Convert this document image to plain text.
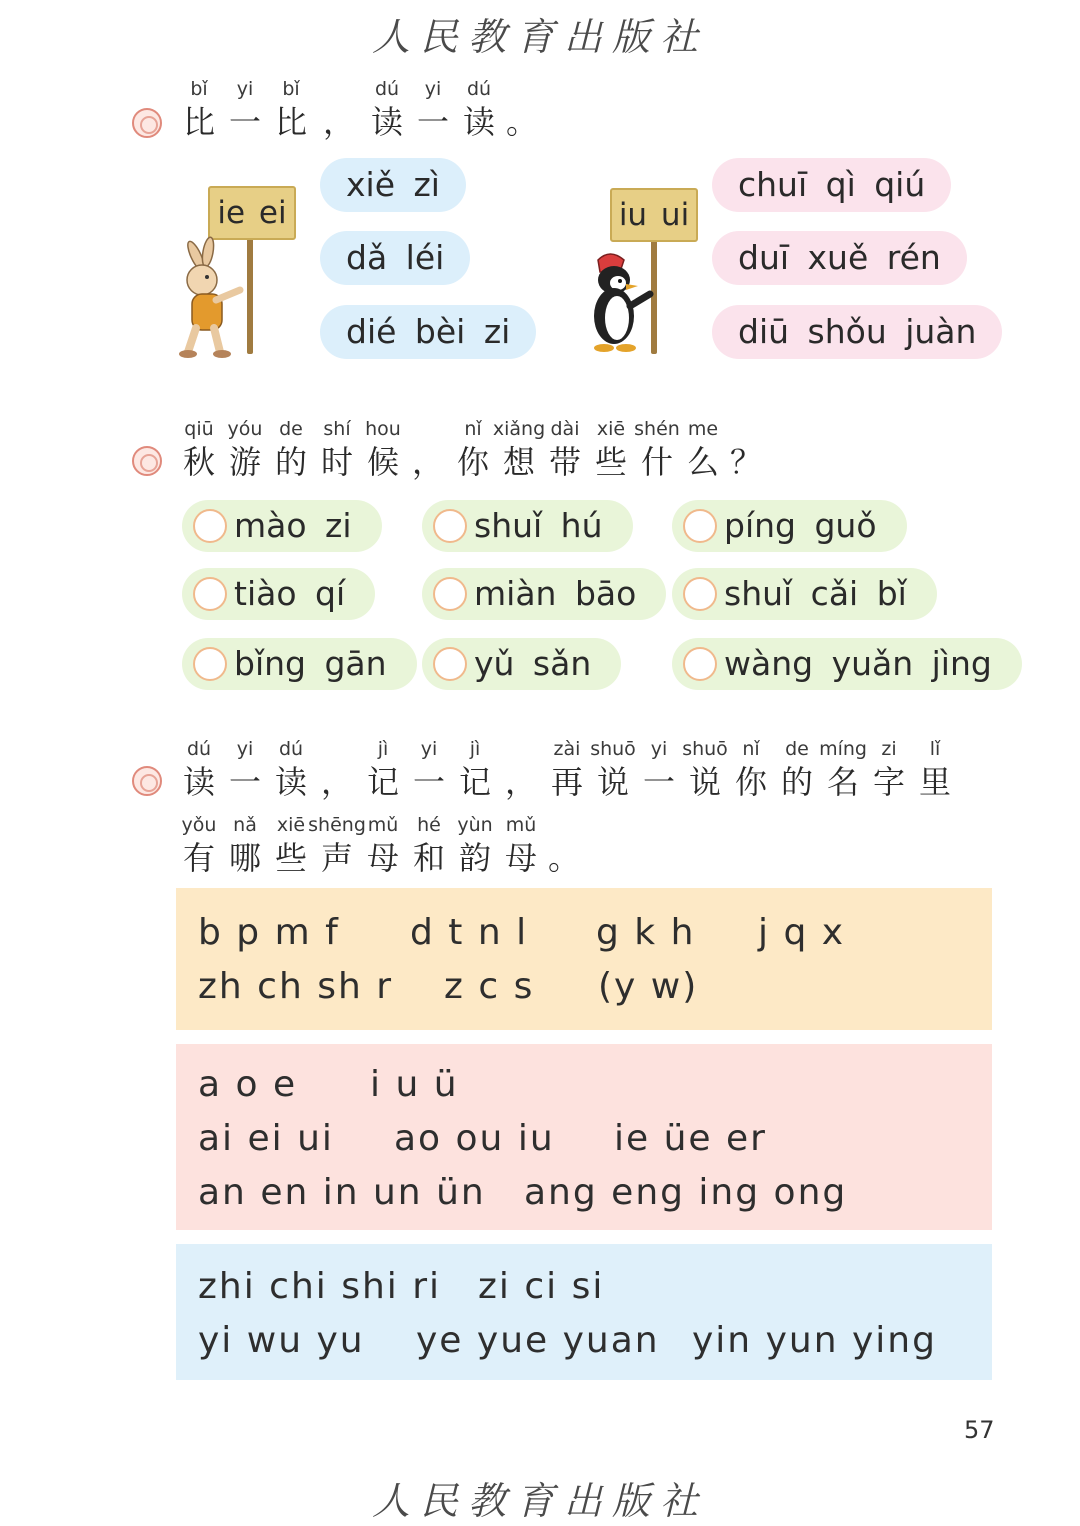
人民教育出版社
bǐ
比
yi
一
bǐ
比 ，
dú
读
yi
一
dú
读 。
ie ei
xiě zì
dǎ léi
dié bèi zi
iu ui
chuī qì qiú
duī xuě rén
diū shǒu juàn
qiū
秋
yóu
游
de
的
shí
时
hou
候 ，
nǐ
你
xiǎng
想
dài
带
xiē
些
shén
什
me
么 ？
mào zi	shuǐ hú	píng guǒ
tiào qí	miàn bāo	shuǐ cǎi bǐ
bǐng gān	yǔ sǎn	wàng yuǎn jìng
dú
读
yi
一
dú
读 ，
jì
记
yi
一
jì
记 ，
zài
再
shuō
说
yi
一
shuō
说
nǐ
你
de
的
míng
名
zi
字
lǐ
里
yǒu
有
nǎ
哪
xiē
些
shēng
声
mǔ
母
hé
和
yùn
韵
mǔ
母 。
b p m f d t n l g k h j q x
zh ch sh r z c s (y w)
a o e i u ü
ai ei ui ao ou iu ie üe er
an en in un ün ang eng ing ong
zhi chi shi ri zi ci si
yi wu yu ye yue yuan yin yun ying
57
人民教育出版社
